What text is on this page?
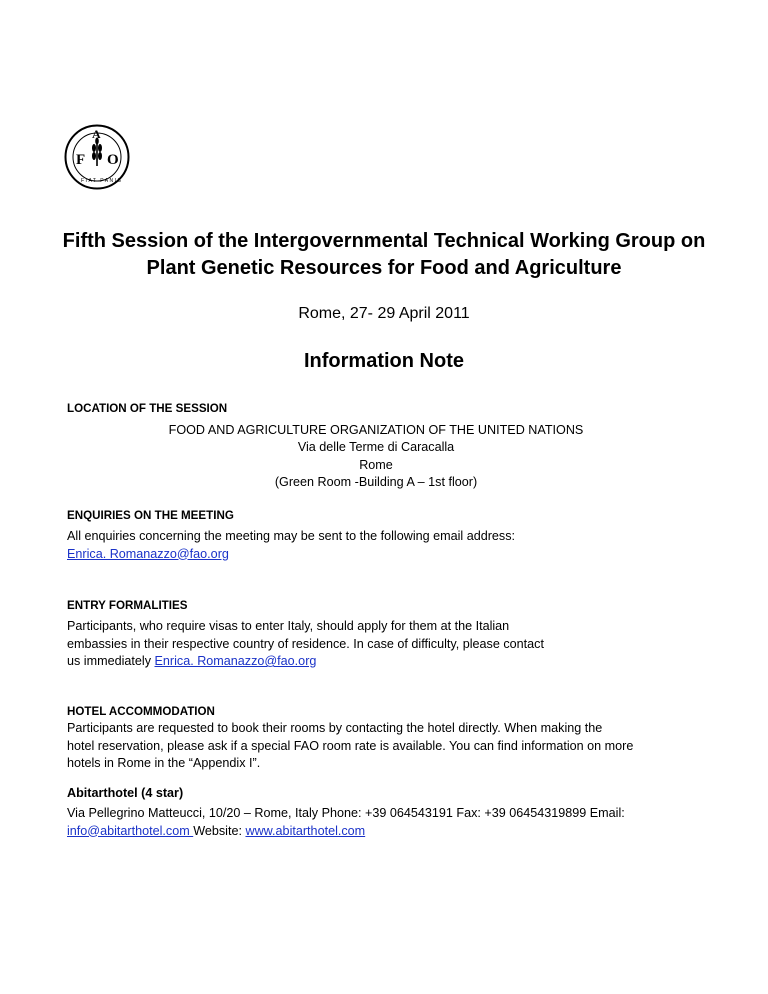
F
A
O
FIAT PANIS
Fifth Session of the Intergovernmental Technical Working Group on
Plant Genetic Resources for Food and Agriculture
Rome, 27- 29 April 2011
Information Note
LOCATION OF THE SESSION
FOOD AND AGRICULTURE ORGANIZATION OF THE UNITED NATIONS
Via delle Terme di Caracalla
Rome
(Green Room -Building A – 1st floor)
ENQUIRIES ON THE MEETING

All enquiries concerning the meeting may be sent to the following email address:

Enrica. Romanazzo@fao.org

ENTRY FORMALITIES

Participants, who require visas to enter Italy, should apply for them at the Italian

embassies in their respective country of residence. In case of difficulty, please contact

us immediately Enrica. Romanazzo@fao.org

HOTEL ACCOMMODATION

Participants are requested to book their rooms by contacting the hotel directly. When making the

hotel reservation, please ask if a special FAO room rate is available. You can find information on more

hotels in Rome in the “Appendix I”.

Abitarthotel (4 star)

Via Pellegrino Matteucci, 10/20 – Rome, Italy Phone: +39 064543191 Fax: +39 06454319899 Email:

info@abitarthotel.com Website: www.abitarthotel.com
